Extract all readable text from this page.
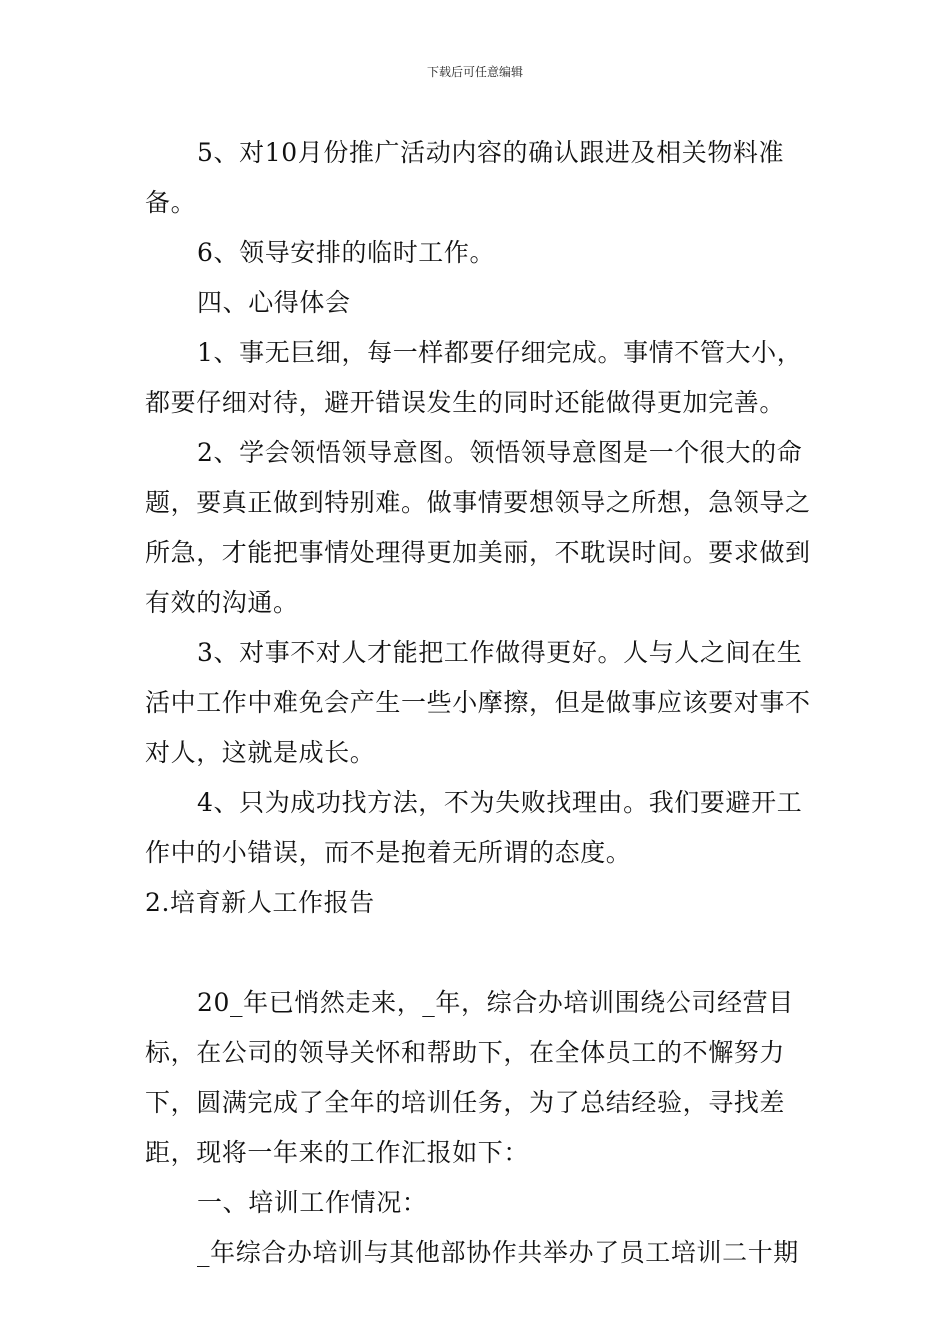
下载后可任意编辑

5、对10月份推广活动内容的确认跟进及相关物料准备。

6、领导安排的临时工作。

四、心得体会

1、事无巨细，每一样都要仔细完成。事情不管大小，都要仔细对待，避开错误发生的同时还能做得更加完善。

2、学会领悟领导意图。领悟领导意图是一个很大的命题，要真正做到特别难。做事情要想领导之所想，急领导之所急，才能把事情处理得更加美丽，不耽误时间。要求做到有效的沟通。

3、对事不对人才能把工作做得更好。人与人之间在生活中工作中难免会产生一些小摩擦，但是做事应该要对事不对人，这就是成长。

4、只为成功找方法，不为失败找理由。我们要避开工作中的小错误，而不是抱着无所谓的态度。

2.培育新人工作报告

20_年已悄然走来，_年，综合办培训围绕公司经营目标，在公司的领导关怀和帮助下，在全体员工的不懈努力下，圆满完成了全年的培训任务，为了总结经验，寻找差距，现将一年来的工作汇报如下：

一、培训工作情况：

_年综合办培训与其他部协作共举办了员工培训二十期
